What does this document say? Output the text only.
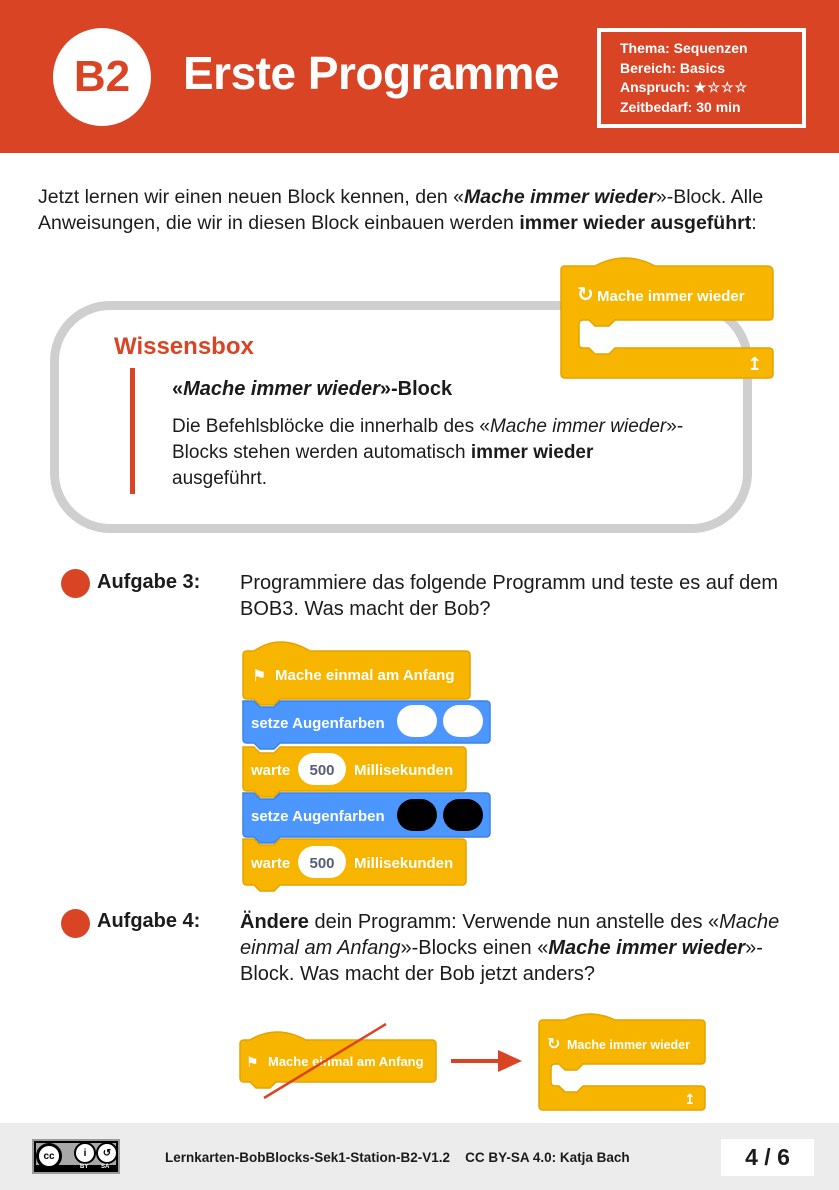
B2	Erste Programme	Thema: Sequenzen
Bereich: Basics
Anspruch: ★☆☆☆
Zeitbedarf: 30 min
Jetzt lernen wir einen neuen Block kennen, den «Mache immer wieder»-Block. Alle Anweisungen, die wir in diesen Block einbauen werden immer wieder ausgeführt:
Wissensbox
«Mache immer wieder»-Block
Die Befehlsblöcke die innerhalb des «Mache immer wieder»-Blocks stehen werden automatisch immer wieder ausgeführt.
↻ Mache immer wieder
↥
Aufgabe 3: Programmiere das folgende Programm und teste es auf dem BOB3. Was macht der Bob?
⚑ Mache einmal am Anfang
setze Augenfarben
warte 500 Millisekunden
setze Augenfarben
warte 500 Millisekunden
Aufgabe 4: Ändere dein Programm: Verwende nun anstelle des «Mache einmal am Anfang»-Blocks einen «Mache immer wieder»-Block. Was macht der Bob jetzt anders?
⚑ Mache einmal am Anfang
↻ Mache immer wieder
↥
cc	i	↺
BY SA
Lernkarten-BobBlocks-Sek1-Station-B2-V1.2    CC BY-SA 4.0: Katja Bach	4 / 6
